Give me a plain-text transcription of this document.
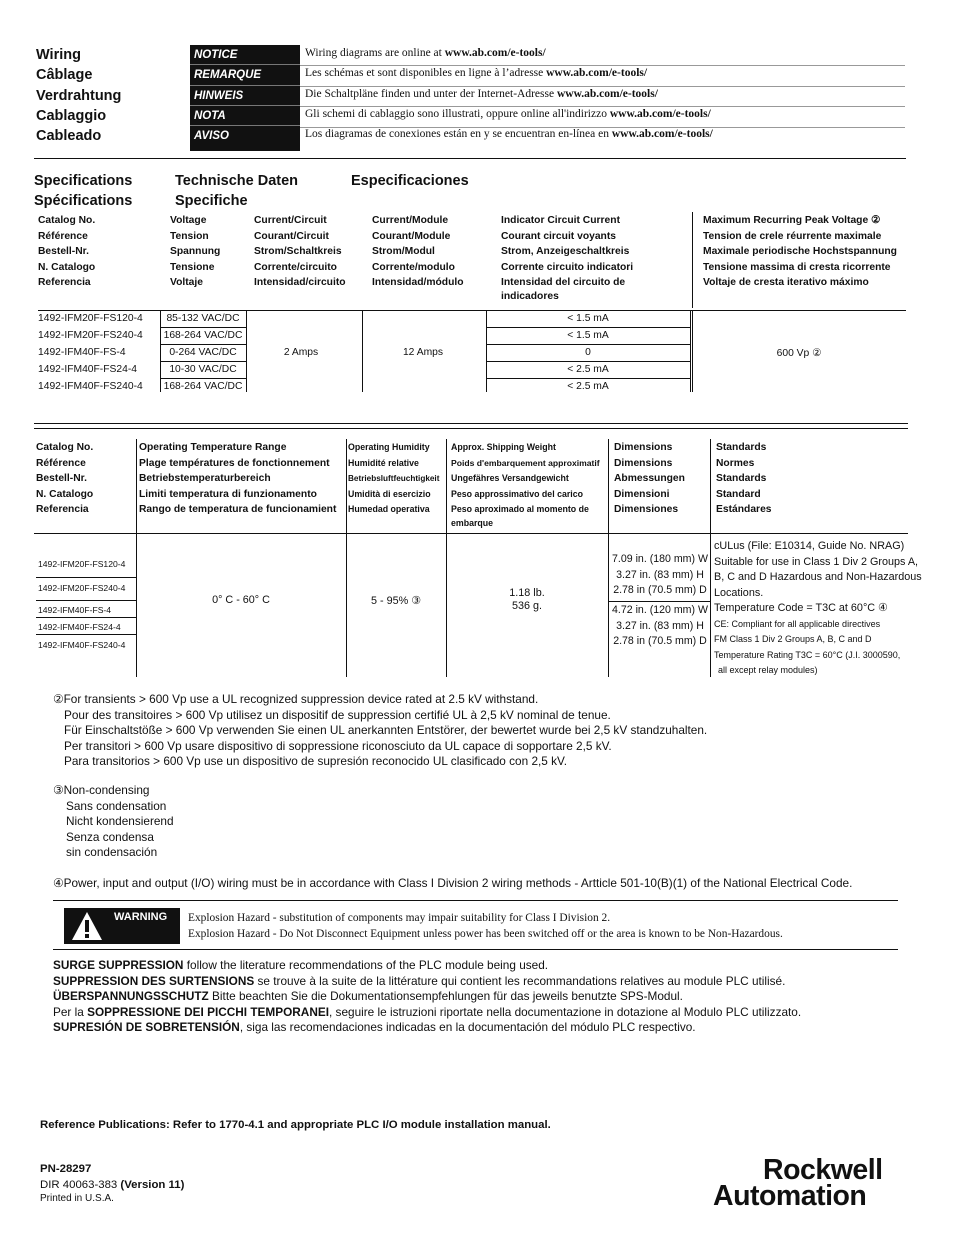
Wiring
Câblage
Verdrahtung
Cablaggio
Cableado
NOTICE
REMARQUE
HINWEIS
NOTA
AVISO
Wiring diagrams are online at www.ab.com/e-tools/
Les schémas et sont disponibles en ligne à l’adresse www.ab.com/e-tools/
Die Schaltpläne finden und unter der Internet-Adresse www.ab.com/e-tools/
Gli schemi di cablaggio sono illustrati, oppure online all'indirizzo www.ab.com/e-tools/
Los diagramas de conexiones están en y se encuentran en-línea en www.ab.com/e-tools/
Specifications
Spécifications
Technische Daten
Specifiche
Especificaciones
Catalog No.
Référence
Bestell-Nr.
N. Catalogo
Referencia
Voltage
Tension
Spannung
Tensione
Voltaje
Current/Circuit
Courant/Circuit
Strom/Schaltkreis
Corrente/circuito
Intensidad/circuito
Current/Module
Courant/Module
Strom/Modul
Corrente/modulo
Intensidad/módulo
Indicator Circuit Current
Courant circuit voyants
Strom, Anzeigeschaltkreis
Corrente circuito indicatori
Intensidad del circuito de
indicadores
Maximum Recurring Peak Voltage ②
Tension de crele réurrente maximale
Maximale periodische Hochstspannung
Tensione massima di cresta ricorrente
Voltaje de cresta iterativo máximo
1492-IFM20F-FS120-4
1492-IFM20F-FS240-4
1492-IFM40F-FS-4
1492-IFM40F-FS24-4
1492-IFM40F-FS240-4
85-132 VAC/DC
168-264 VAC/DC
0-264 VAC/DC
10-30 VAC/DC
168-264 VAC/DC
2 Amps	12 Amps
< 1.5 mA
< 1.5 mA
0
< 2.5 mA
< 2.5 mA
600 Vp ②
Catalog No.
Référence
Bestell-Nr.
N. Catalogo
Referencia
Operating Temperature Range
Plage températures de fonctionnement
Betriebstemperaturbereich
Limiti temperatura di funzionamento
Rango de temperatura de funcionamient
Operating Humidity
Humidité relative
Betriebsluftfeuchtigkeit
Umidità di esercizio
Humedad operativa
Approx. Shipping Weight
Poids d'embarquement approximatif
Ungefähres Versandgewicht
Peso approssimativo del carico
Peso aproximado al momento de
embarque
Dimensions
Dimensions
Abmessungen
Dimensioni
Dimensiones
Standards
Normes
Standards
Standard
Estándares
1492-IFM20F-FS120-4
1492-IFM20F-FS240-4
1492-IFM40F-FS-4
1492-IFM40F-FS24-4
1492-IFM40F-FS240-4
0° C - 60° C	5 - 95% ③
1.18 lb.
536 g.
7.09 in. (180 mm) W
3.27 in. (83 mm) H
2.78 in (70.5 mm) D
4.72 in. (120 mm) W
3.27 in. (83 mm) H
2.78 in (70.5 mm) D
cULus (File: E10314, Guide No. NRAG)
Suitable for use in Class 1 Div 2 Groups A,
B, C and D Hazardous and Non-Hazardous
Locations.
Temperature Code = T3C at 60°C ④
CE: Compliant for all applicable directives
FM Class 1 Div 2 Groups A, B, C and D
Temperature Rating T3C = 60°C (J.I. 3000590,
all except relay modules)
②For transients > 600 Vp use a UL recognized suppression device rated at 2.5 kV withstand.
Pour des transitoires > 600 Vp utilisez un dispositif de suppression certifié UL à 2,5 kV nominal de tenue.
Für Einschaltstöße > 600 Vp verwenden Sie einen UL anerkannten Entstörer, der bewertet wurde bei 2,5 kV standzuhalten.
Per transitori > 600 Vp usare dispositivo di soppressione riconosciuto da UL capace di sopportare 2,5 kV.
Para transitorios > 600 Vp use un dispositivo de supresión reconocido UL clasificado con 2,5 kV.
③Non-condensing
Sans condensation
Nicht kondensierend
Senza condensa
sin condensación
④Power, input and output (I/O) wiring must be in accordance with Class I Division 2 wiring methods - Artticle 501-10(B)(1) of the National Electrical Code.
WARNING Explosion Hazard - substitution of components may impair suitability for Class I Division 2.
Explosion Hazard - Do Not Disconnect Equipment unless power has been switched off or the area is known to be Non-Hazardous.
SURGE SUPPRESSION follow the literature recommendations of the PLC module being used.
SUPPRESSION DES SURTENSIONS se trouve à la suite de la littérature qui contient les recommandations relatives au module PLC utilisé.
ÜBERSPANNUNGSSCHUTZ Bitte beachten Sie die Dokumentationsempfehlungen für das jeweils benutzte SPS-Modul.
Per la SOPPRESSIONE DEI PICCHI TEMPORANEI, seguire le istruzioni riportate nella documentazione in dotazione al Modulo PLC utilizzato.
SUPRESIÓN DE SOBRETENSIÓN, siga las recomendaciones indicadas en la documentación del módulo PLC respectivo.
Reference Publications: Refer to 1770-4.1 and appropriate PLC I/O module installation manual.
PN-28297
DIR 40063-383 (Version 11)
Printed in U.S.A.
Rockwell
Automation
